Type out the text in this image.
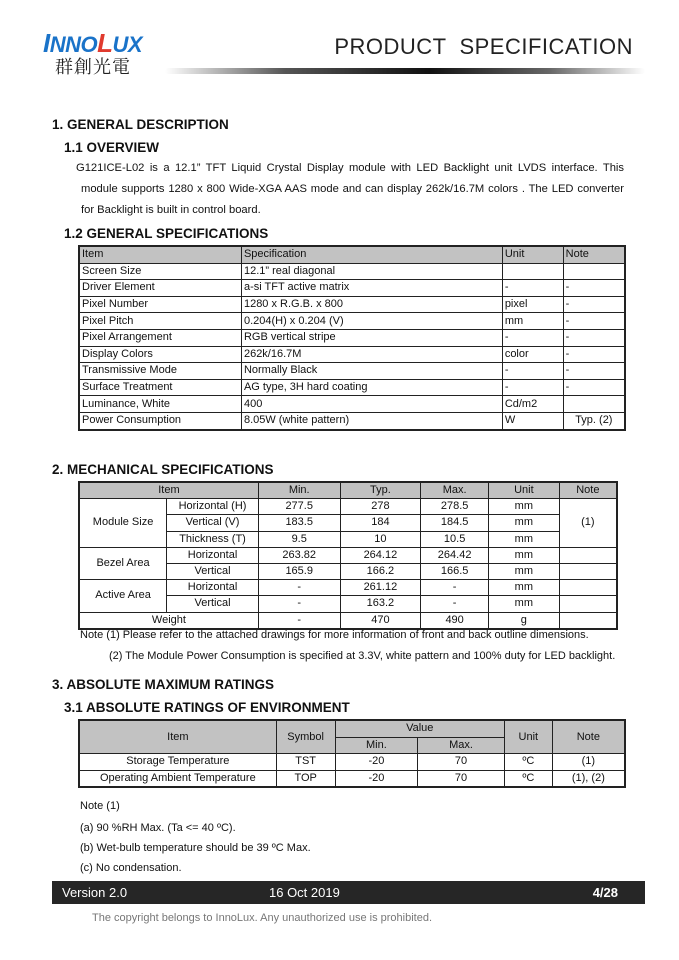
INNOLUX
群創光電
PRODUCT  SPECIFICATION
1. GENERAL DESCRIPTION
1.1 OVERVIEW
G121ICE-L02 is a 12.1” TFT Liquid Crystal Display module with LED Backlight unit LVDS interface. This
module supports 1280 x 800 Wide-XGA AAS mode and can display 262k/16.7M colors . The LED converter
for Backlight is built in control board.
1.2 GENERAL SPECIFICATIONS
Item	Specification	Unit	Note
Screen Size	12.1” real diagonal		
Driver Element	a-si TFT active matrix	-	-
Pixel Number	1280 x R.G.B. x 800	pixel	-
Pixel Pitch	0.204(H) x 0.204 (V)	mm	-
Pixel Arrangement	RGB vertical stripe	-	-
Display Colors	262k/16.7M	color	-
Transmissive Mode	Normally Black	-	-
Surface Treatment	AG type, 3H hard coating	-	-
Luminance, White	400	Cd/m2	
Power Consumption	8.05W (white pattern)	W	Typ. (2)
2. MECHANICAL SPECIFICATIONS
Item		Min.	Typ.	Max.	Unit	Note
Module Size	Horizontal (H)	277.5	278	278.5	mm	(1)
	Vertical (V)	183.5	184	184.5	mm	
	Thickness (T)	9.5	10	10.5	mm	
Bezel Area	Horizontal	263.82	264.12	264.42	mm	
	Vertical	165.9	166.2	166.5	mm	
Active Area	Horizontal	-	261.12	-	mm	
	Vertical	-	163.2	-	mm	
Weight		-	470	490	g	
Note (1) Please refer to the attached drawings for more information of front and back outline dimensions.
(2) The Module Power Consumption is specified at 3.3V, white pattern and 100% duty for LED backlight.
3. ABSOLUTE MAXIMUM RATINGS
3.1 ABSOLUTE RATINGS OF ENVIRONMENT
Item	Symbol	Value		Unit	Note
		Min.	Max.		
Storage Temperature	TST	-20	70	ºC	(1)
Operating Ambient Temperature	TOP	-20	70	ºC	(1), (2)
Note (1)
(a) 90 %RH Max. (Ta <= 40 ºC).
(b) Wet-bulb temperature should be 39 ºC Max.
(c) No condensation.
Version 2.0	16 Oct 2019	4/28
The copyright belongs to InnoLux. Any unauthorized use is prohibited.
